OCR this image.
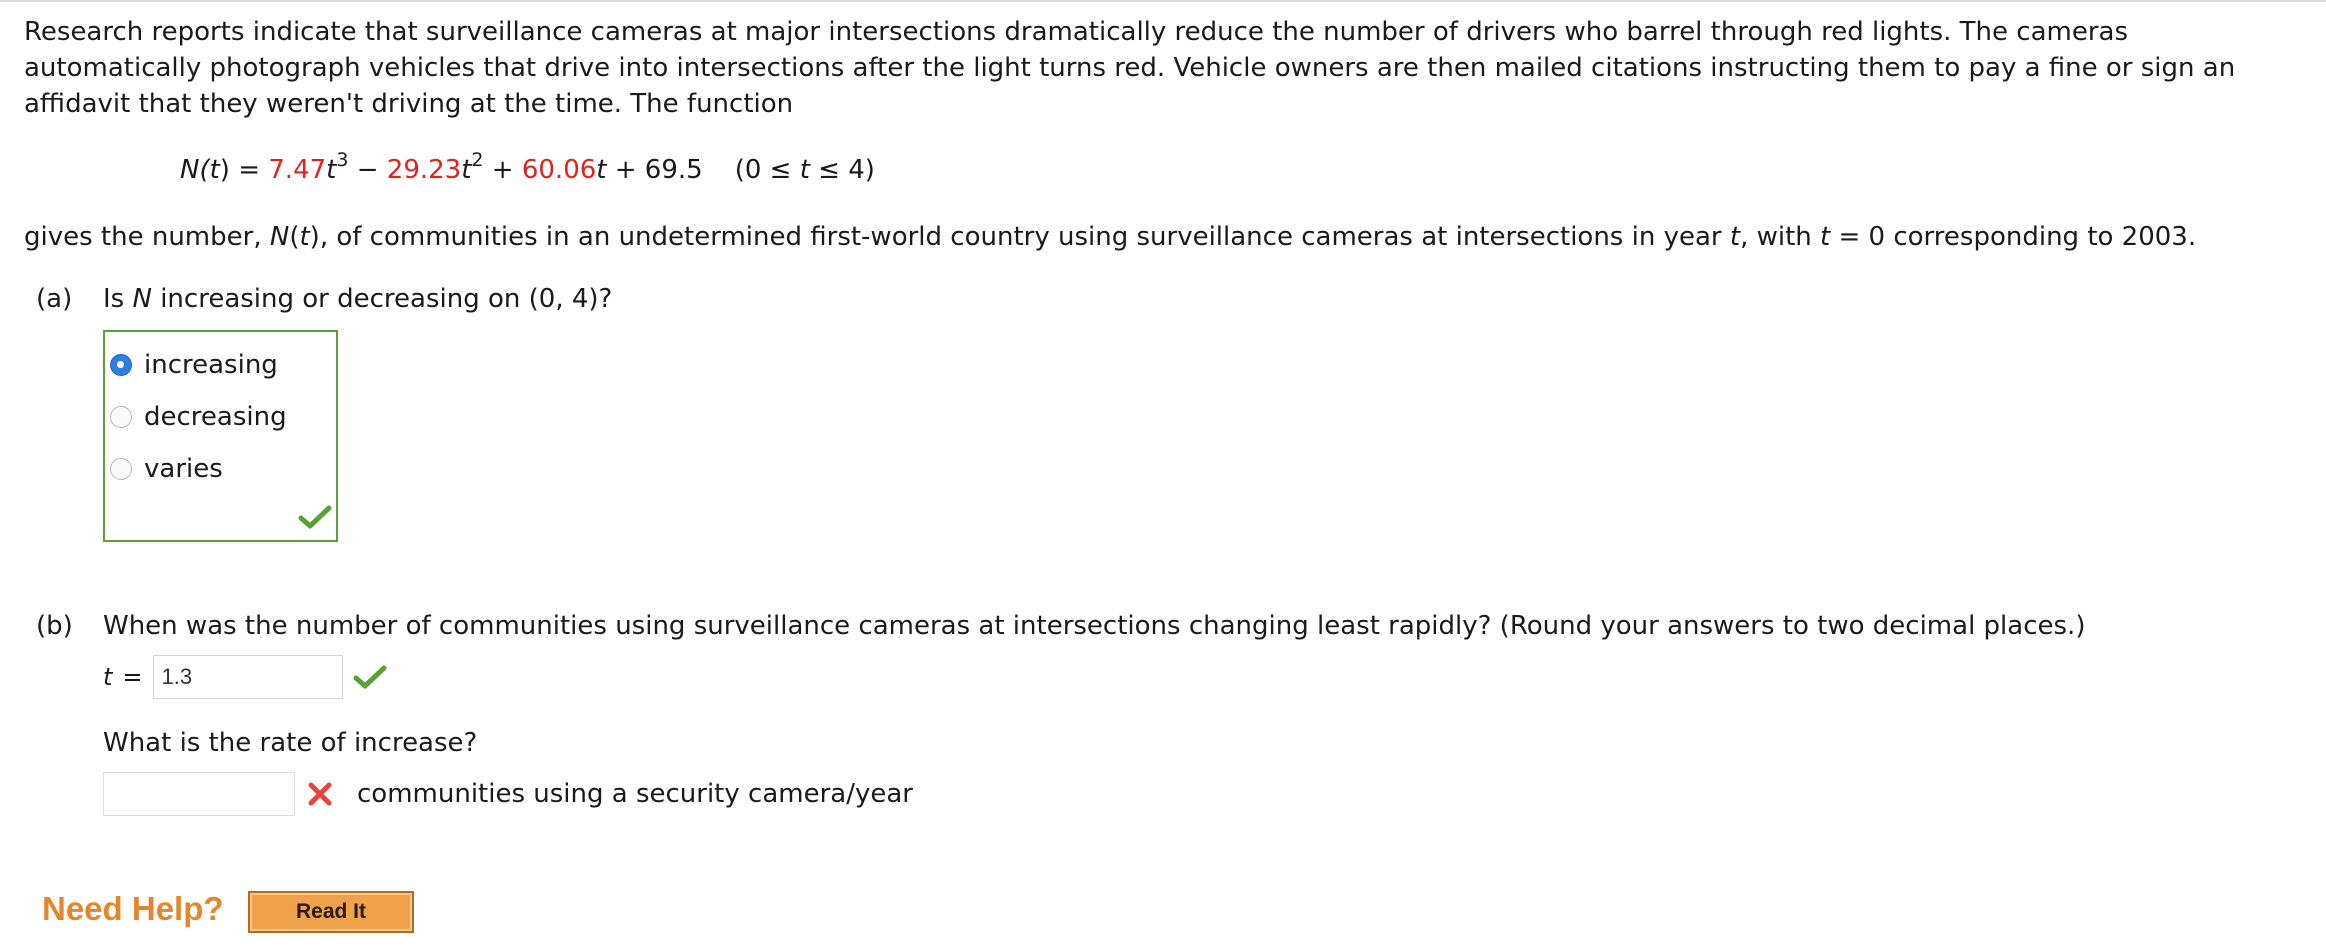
Research reports indicate that surveillance cameras at major intersections dramatically reduce the number of drivers who barrel through red lights. The cameras automatically photograph vehicles that drive into intersections after the light turns red. Vehicle owners are then mailed citations instructing them to pay a fine or sign an affidavit that they weren't driving at the time. The function

$N(t) = 7.47t^3 - 29.23t^2 + 60.06t + 69.5$ (0 ≤ t ≤ 4)
gives the number, N(t), of communities in an undetermined first-world country using surveillance cameras at intersections in year t, with t = 0 corresponding to 2003.
(a) Is N increasing or decreasing on (0, 4)?
increasing
decreasing
varies
(b) When was the number of communities using surveillance cameras at intersections changing least rapidly? (Round your answers to two decimal places.)
t = 1.3
What is the rate of increase?
communities using a security camera/year
Need Help?	Read It
